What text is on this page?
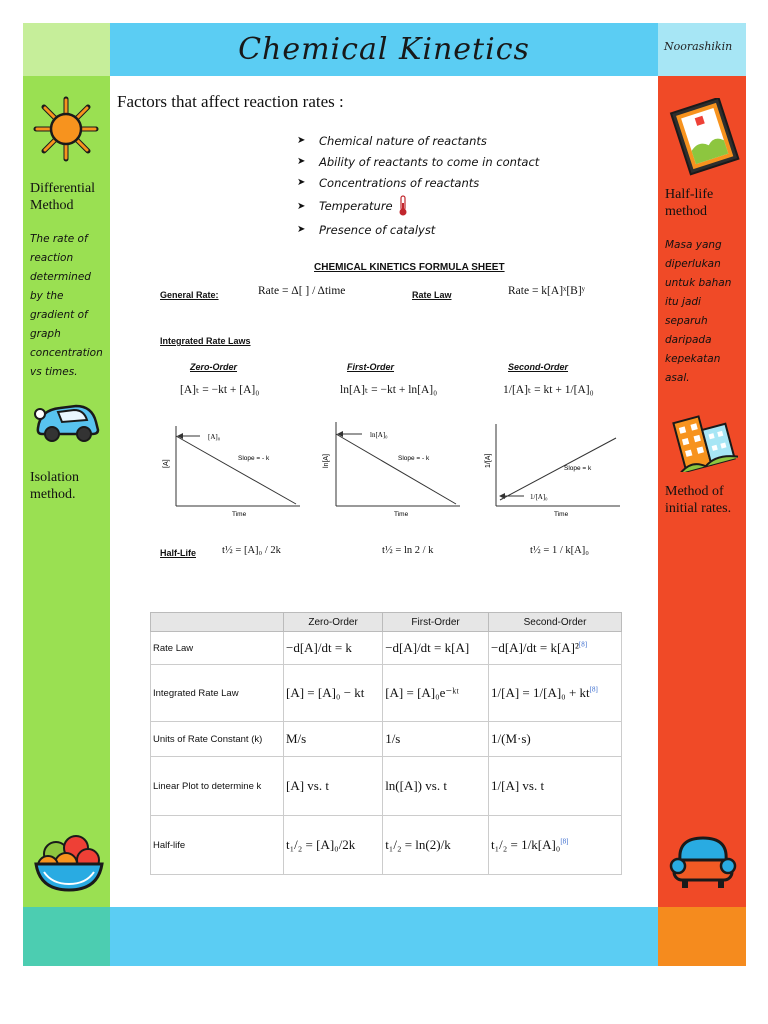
Chemical Kinetics	Noorashikin
Differential Method
The rate of reaction determined by the gradient of graph concentration vs times.
Isolation method.
Half-life method
Masa yang diperlukan untuk bahan itu jadi separuh daripada kepekatan asal.
Method of initial rates.
Factors that affect reaction rates :
➤	Chemical nature of reactants
➤	Ability of reactants to come in contact
➤	Concentrations of reactants
➤	Temperature
➤	Presence of catalyst
CHEMICAL KINETICS FORMULA SHEET
General Rate:	Rate = Δ[ ] / Δtime	Rate Law	Rate = k[A]ˣ[B]ʸ
Integrated Rate Laws
Zero-Order	First-Order	Second-Order
[A]ₜ = −kt + [A]₀	ln[A]ₜ = −kt + ln[A]₀	1/[A]ₜ = kt + 1/[A]₀
[A]
[A]₀
Slope = - k
Time
ln[A]
ln[A]₀
Slope = - k
Time
1/[A]
1/[A]₀
Slope = k
Time
Half-Life t½ = [A]₀ / 2k	t½ = ln 2 / k	t½ = 1 / k[A]₀
	Zero-Order	First-Order	Second-Order
Rate Law	−d[A]/dt = k	−d[A]/dt = k[A]	−d[A]/dt = k[A]²[8]
Integrated Rate Law	[A] = [A]₀ − kt	[A] = [A]₀e⁻ᵏᵗ	1/[A] = 1/[A]₀ + kt[8]
Units of Rate Constant (k)	M/s	1/s	1/(M·s)
Linear Plot to determine k	[A] vs. t	ln([A]) vs. t	1/[A] vs. t
Half-life	t₁/₂ = [A]₀/2k	t₁/₂ = ln(2)/k	t₁/₂ = 1/k[A]₀[8]
